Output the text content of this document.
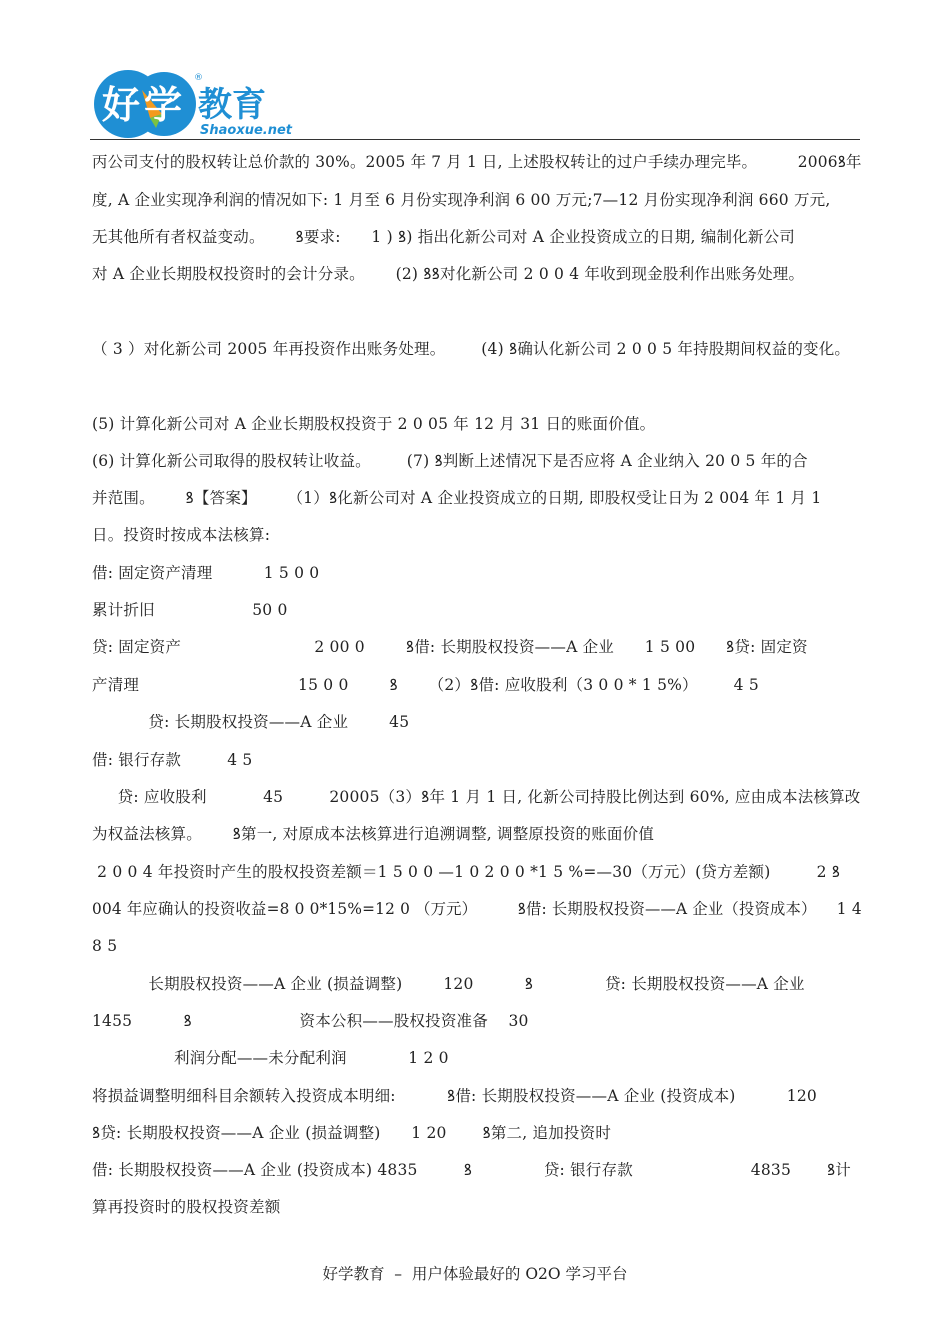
好 学 教育
Shaoxue.net
®
丙公司支付的股权转让总价款的 30%。2005 年 7 月 1 日, 上述股权转让的过户手续办理完毕。        2006ꝸ年
度, A 企业实现净利润的情况如下: 1 月至 6 月份实现净利润 6 00 万元;7—12 月份实现净利润 660 万元,
无其他所有者权益变动。      ꝸ要求:      1 ) ꝸ) 指出化新公司对 A 企业投资成立的日期, 编制化新公司
对 A 企业长期股权投资时的会计分录。      (2) ꝸꝸ对化新公司 2 0 0 4 年收到现金股利作出账务处理。
（ 3 ）对化新公司 2005 年再投资作出账务处理。       (4) ꝸ确认化新公司 2 0 0 5 年持股期间权益的变化。
(5) 计算化新公司对 A 企业长期股权投资于 2 0 05 年 12 月 31 日的账面价值。
(6) 计算化新公司取得的股权转让收益。       (7) ꝸ判断上述情况下是否应将 A 企业纳入 20 0 5 年的合
并范围。      ꝸ【答案】      （1）ꝸ化新公司对 A 企业投资成立的日期, 即股权受让日为 2 004 年 1 月 1
日。投资时按成本法核算:
借: 固定资产清理          1 5 0 0
累计折旧                   50 0
贷: 固定资产                          2 00 0        ꝸ借: 长期股权投资——A 企业      1 5 00      ꝸ贷: 固定资
产清理                               15 0 0        ꝸ      （2）ꝸ借: 应收股利（3 0 0 * 1 5%）       4 5
贷: 长期股权投资——A 企业        45
借: 银行存款         4 5
贷: 应收股利           45         20005（3）ꝸ年 1 月 1 日, 化新公司持股比例达到 60%, 应由成本法核算改
为权益法核算。      ꝸ第一, 对原成本法核算进行追溯调整, 调整原投资的账面价值
2 0 0 4 年投资时产生的股权投资差额＝1 5 0 0 —1 0 2 0 0 *1 5 %=—30（万元）(贷方差额)         2 ꝸ
004 年应确认的投资收益=8 0 0*15%=12 0 （万元）        ꝸ借: 长期股权投资——A 企业（投资成本）    1 4
8 5
长期股权投资——A 企业 (损益调整)        120          ꝸ              贷: 长期股权投资——A 企业
1455          ꝸ                     资本公积——股权投资准备    30
利润分配——未分配利润            1 2 0
将损益调整明细科目余额转入投资成本明细:          ꝸ借: 长期股权投资——A 企业 (投资成本)          120
ꝸ贷: 长期股权投资——A 企业 (损益调整)      1 20       ꝸ第二, 追加投资时
借: 长期股权投资——A 企业 (投资成本) 4835         ꝸ              贷: 银行存款                       4835       ꝸ计
算再投资时的股权投资差额
好学教育  –  用户体验最好的 O2O 学习平台
